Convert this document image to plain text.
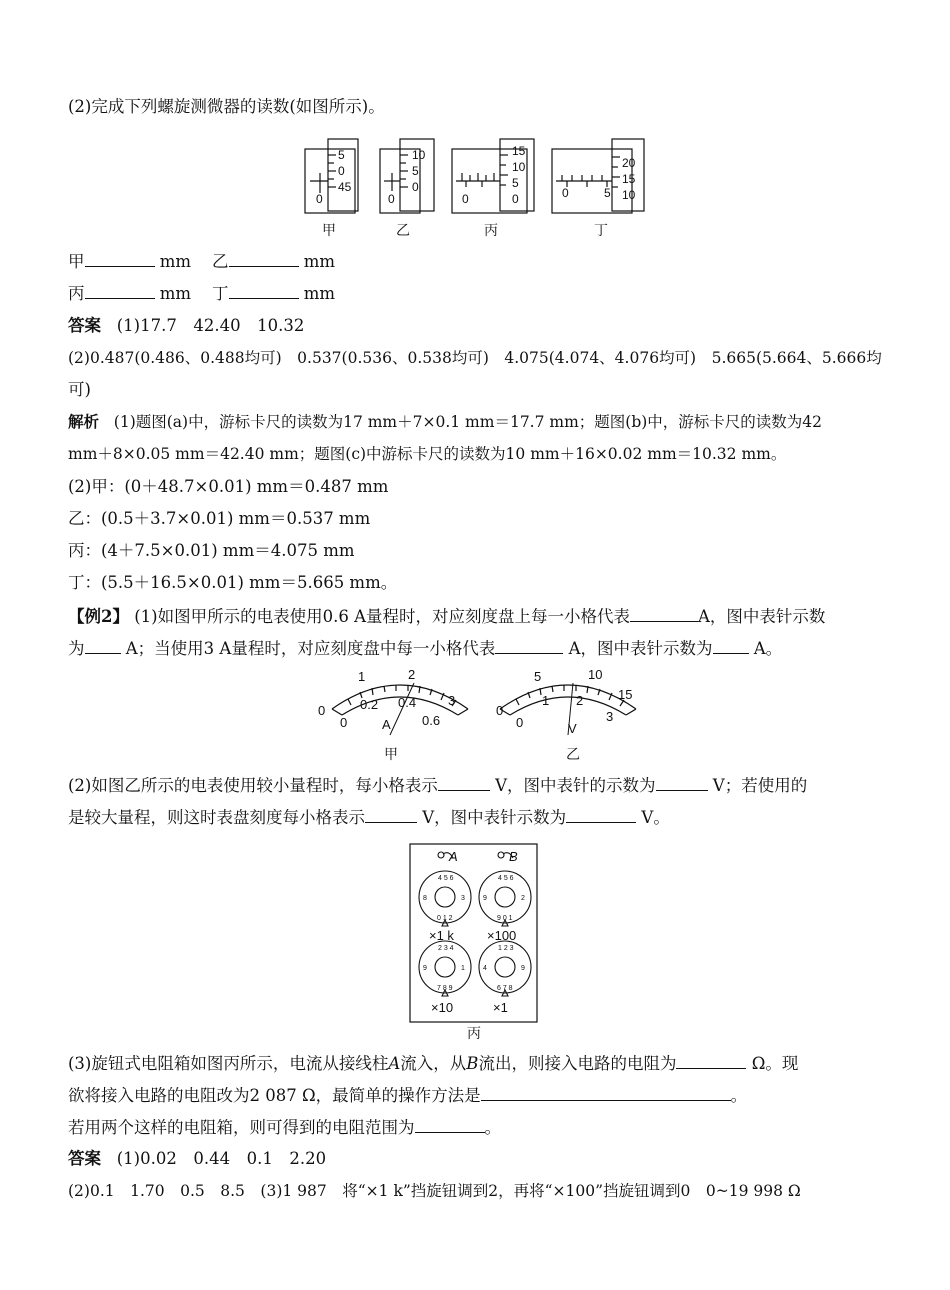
(2)完成下列螺旋测微器的读数(如图所示)。
5
0
45
0
10
5
0
0
15
10
5
0
0
20
15
10
0	5
甲	乙	丙	丁
甲	mm 乙	mm
丙	mm 丁	mm
答案 (1)17.7　42.40　10.32
(2)0.487(0.486、0.488均可)　0.537(0.536、0.538均可)　4.075(4.074、4.076均可)　5.665(5.664、5.666均
可)
解析 (1)题图(a)中，游标卡尺的读数为17 mm＋7×0.1 mm＝17.7 mm；题图(b)中，游标卡尺的读数为42
mm＋8×0.05 mm＝42.40 mm；题图(c)中游标卡尺的读数为10 mm＋16×0.02 mm＝10.32 mm。
(2)甲：(0＋48.7×0.01) mm＝0.487 mm
乙：(0.5＋3.7×0.01) mm＝0.537 mm
丙：(4＋7.5×0.01) mm＝4.075 mm
丁：(5.5＋16.5×0.01) mm＝5.665 mm。
【例2】 (1)如图甲所示的电表使用0.6 A量程时，对应刻度盘上每一小格代表	A，图中表针示数
为	A；当使用3 A量程时，对应刻度盘中每一小格代表	A，图中表针示数为	A。
1	2
3
0.2 0.4
0.6
0
0	A
5	10
15
1 2
3
0
0	V
甲	乙
(2)如图乙所示的电表使用较小量程时，每小格表示	V，图中表针的示数为	V；若使用的
是较大量程，则这时表盘刻度每小格表示	V，图中表针示数为	V。
4 5 6
8	3
0 1 2
4 5 6
9	2
9 0 1
2 3 4
9	1
7 8 9
1 2 3
4	9
6 7 8
A	B
×1 k	×100
×10	×1
丙
(3)旋钮式电阻箱如图丙所示，电流从接线柱A流入，从B流出，则接入电路的电阻为	Ω。现
欲将接入电路的电阻改为2 087 Ω，最简单的操作方法是	。
若用两个这样的电阻箱，则可得到的电阻范围为	。
答案 (1)0.02　0.44　0.1　2.20
(2)0.1　1.70　0.5　8.5　(3)1 987　将“×1 k”挡旋钮调到2，再将“×100”挡旋钮调到0　0~19 998 Ω
